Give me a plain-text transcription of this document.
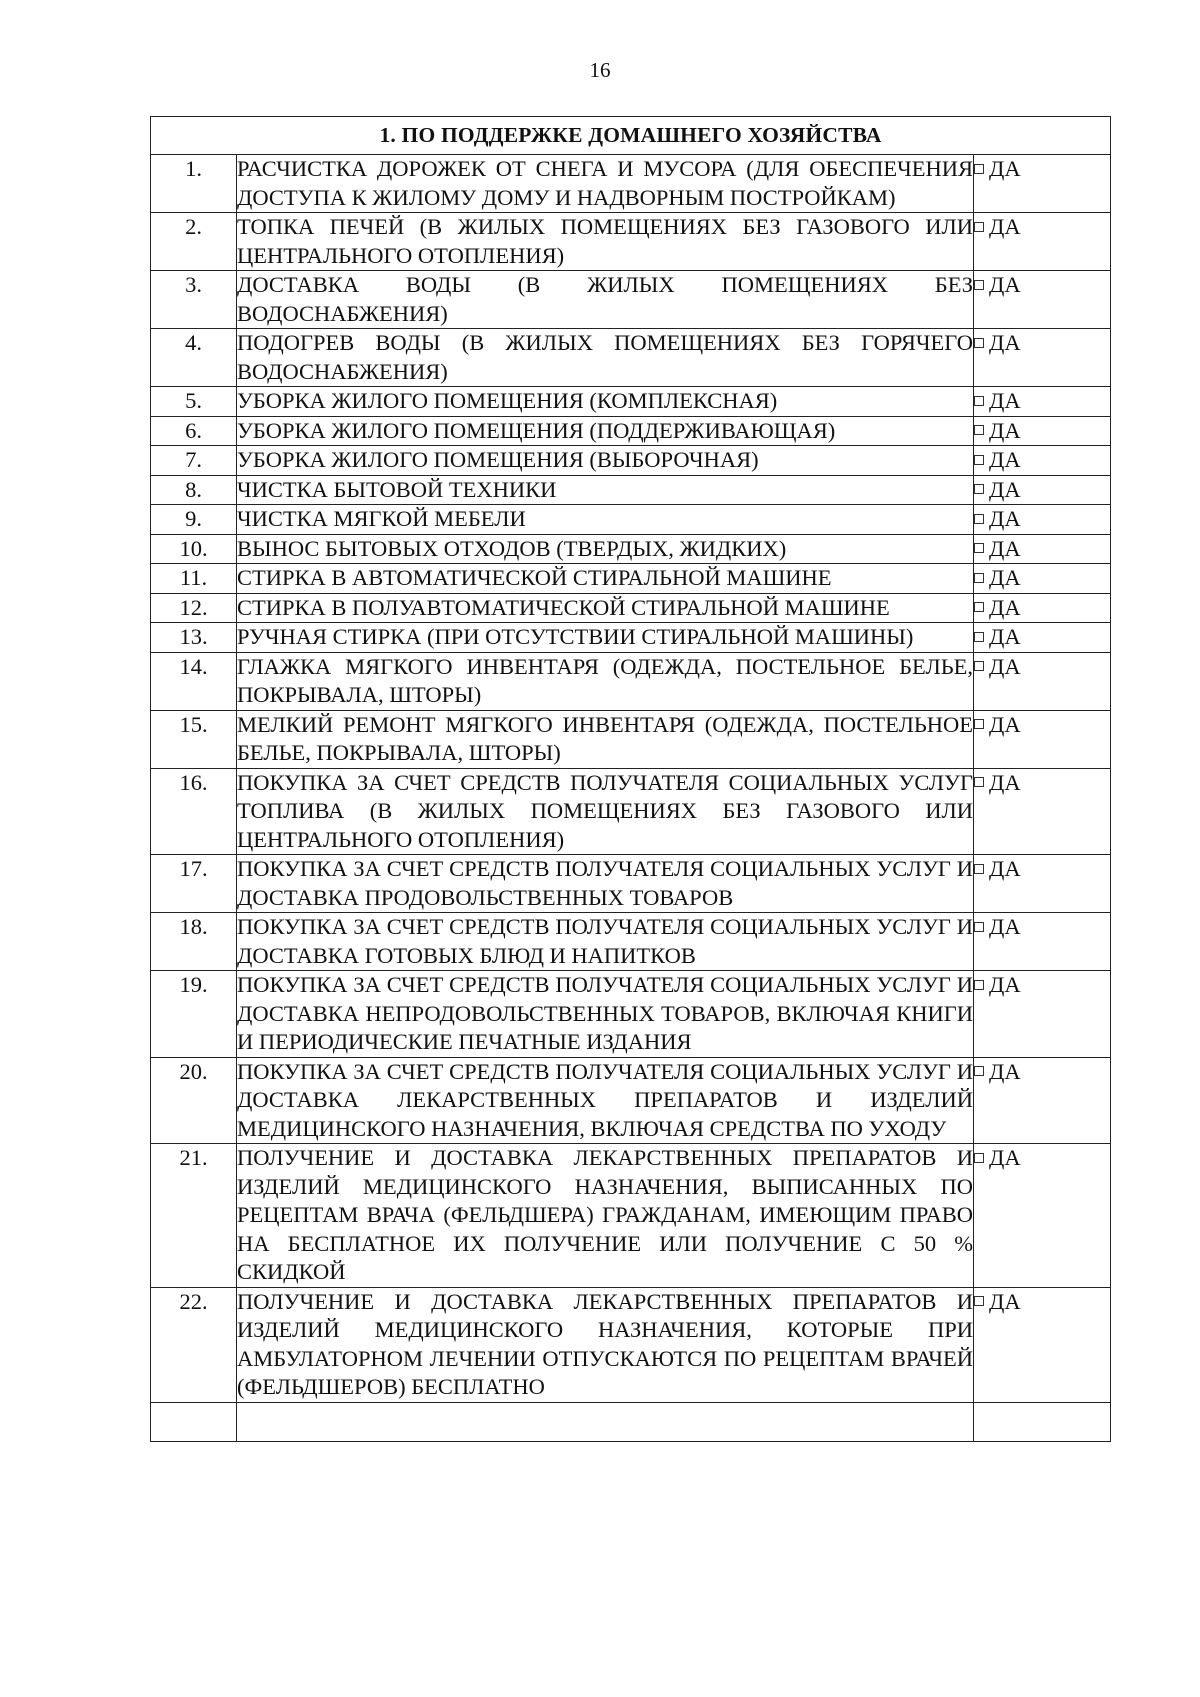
16
1. ПО ПОДДЕРЖКЕ ДОМАШНЕГО ХОЗЯЙСТВА		
1.	РАСЧИСТКА ДОРОЖЕК ОТ СНЕГА И МУСОРА (ДЛЯ ОБЕСПЕЧЕНИЯ ДОСТУПА К ЖИЛОМУ ДОМУ И НАДВОРНЫМ ПОСТРОЙКАМ)	ДА
2.	ТОПКА ПЕЧЕЙ (В ЖИЛЫХ ПОМЕЩЕНИЯХ БЕЗ ГАЗОВОГО ИЛИ ЦЕНТРАЛЬНОГО ОТОПЛЕНИЯ)	ДА
3.	ДОСТАВКА ВОДЫ (В ЖИЛЫХ ПОМЕЩЕНИЯХ БЕЗ ВОДОСНАБЖЕНИЯ)	ДА
4.	ПОДОГРЕВ ВОДЫ (В ЖИЛЫХ ПОМЕЩЕНИЯХ БЕЗ ГОРЯЧЕГО ВОДОСНАБЖЕНИЯ)	ДА
5.	УБОРКА ЖИЛОГО ПОМЕЩЕНИЯ (КОМПЛЕКСНАЯ)	ДА
6.	УБОРКА ЖИЛОГО ПОМЕЩЕНИЯ (ПОДДЕРЖИВАЮЩАЯ)	ДА
7.	УБОРКА ЖИЛОГО ПОМЕЩЕНИЯ (ВЫБОРОЧНАЯ)	ДА
8.	ЧИСТКА БЫТОВОЙ ТЕХНИКИ	ДА
9.	ЧИСТКА МЯГКОЙ МЕБЕЛИ	ДА
10.	ВЫНОС БЫТОВЫХ ОТХОДОВ (ТВЕРДЫХ, ЖИДКИХ)	ДА
11.	СТИРКА В АВТОМАТИЧЕСКОЙ СТИРАЛЬНОЙ МАШИНЕ	ДА
12.	СТИРКА В ПОЛУАВТОМАТИЧЕСКОЙ СТИРАЛЬНОЙ МАШИНЕ	ДА
13.	РУЧНАЯ СТИРКА (ПРИ ОТСУТСТВИИ СТИРАЛЬНОЙ МАШИНЫ)	ДА
14.	ГЛАЖКА МЯГКОГО ИНВЕНТАРЯ (ОДЕЖДА, ПОСТЕЛЬНОЕ БЕЛЬЕ, ПОКРЫВАЛА, ШТОРЫ)	ДА
15.	МЕЛКИЙ РЕМОНТ МЯГКОГО ИНВЕНТАРЯ (ОДЕЖДА, ПОСТЕЛЬНОЕ БЕЛЬЕ, ПОКРЫВАЛА, ШТОРЫ)	ДА
16.	ПОКУПКА ЗА СЧЕТ СРЕДСТВ ПОЛУЧАТЕЛЯ СОЦИАЛЬНЫХ УСЛУГ ТОПЛИВА (В ЖИЛЫХ ПОМЕЩЕНИЯХ БЕЗ ГАЗОВОГО ИЛИ ЦЕНТРАЛЬНОГО ОТОПЛЕНИЯ)	ДА
17.	ПОКУПКА ЗА СЧЕТ СРЕДСТВ ПОЛУЧАТЕЛЯ СОЦИАЛЬНЫХ УСЛУГ И ДОСТАВКА ПРОДОВОЛЬСТВЕННЫХ ТОВАРОВ	ДА
18.	ПОКУПКА ЗА СЧЕТ СРЕДСТВ ПОЛУЧАТЕЛЯ СОЦИАЛЬНЫХ УСЛУГ И ДОСТАВКА ГОТОВЫХ БЛЮД И НАПИТКОВ	ДА
19.	ПОКУПКА ЗА СЧЕТ СРЕДСТВ ПОЛУЧАТЕЛЯ СОЦИАЛЬНЫХ УСЛУГ И ДОСТАВКА НЕПРОДОВОЛЬСТВЕННЫХ ТОВАРОВ, ВКЛЮЧАЯ КНИГИ И ПЕРИОДИЧЕСКИЕ ПЕЧАТНЫЕ ИЗДАНИЯ	ДА
20.	ПОКУПКА ЗА СЧЕТ СРЕДСТВ ПОЛУЧАТЕЛЯ СОЦИАЛЬНЫХ УСЛУГ И ДОСТАВКА ЛЕКАРСТВЕННЫХ ПРЕПАРАТОВ И ИЗДЕЛИЙ МЕДИЦИНСКОГО НАЗНАЧЕНИЯ, ВКЛЮЧАЯ СРЕДСТВА ПО УХОДУ	ДА
21.	ПОЛУЧЕНИЕ И ДОСТАВКА ЛЕКАРСТВЕННЫХ ПРЕПАРАТОВ И ИЗДЕЛИЙ МЕДИЦИНСКОГО НАЗНАЧЕНИЯ, ВЫПИСАННЫХ ПО РЕЦЕПТАМ ВРАЧА (ФЕЛЬДШЕРА) ГРАЖДАНАМ, ИМЕЮЩИМ ПРАВО НА БЕСПЛАТНОЕ ИХ ПОЛУЧЕНИЕ ИЛИ ПОЛУЧЕНИЕ С 50 % СКИДКОЙ	ДА
22.	ПОЛУЧЕНИЕ И ДОСТАВКА ЛЕКАРСТВЕННЫХ ПРЕПАРАТОВ И ИЗДЕЛИЙ МЕДИЦИНСКОГО НАЗНАЧЕНИЯ, КОТОРЫЕ ПРИ АМБУЛАТОРНОМ ЛЕЧЕНИИ ОТПУСКАЮТСЯ ПО РЕЦЕПТАМ ВРАЧЕЙ (ФЕЛЬДШЕРОВ) БЕСПЛАТНО	ДА
